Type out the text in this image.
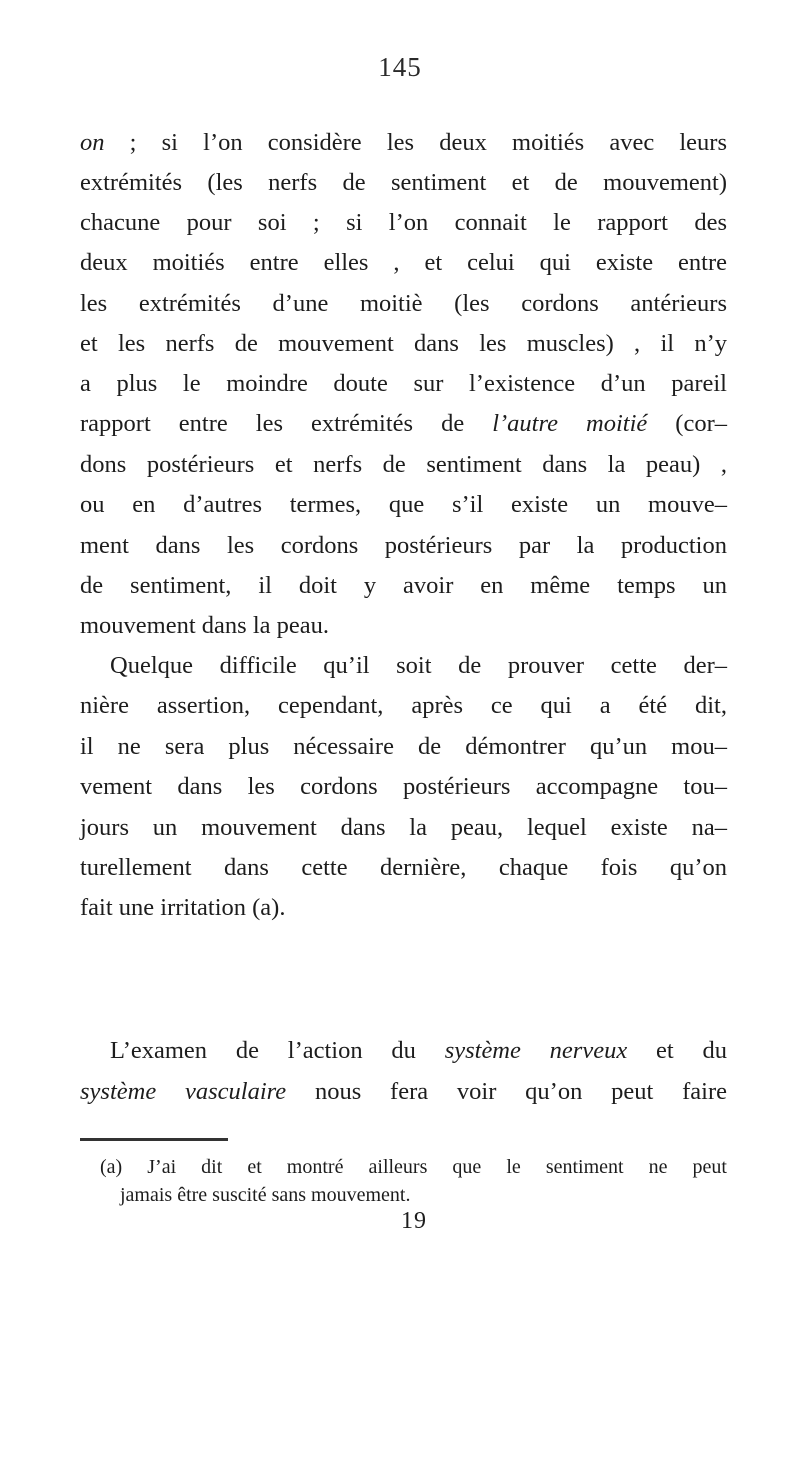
145
on ; si l’on considère les deux moitiés avec leurs
extrémités (les nerfs de sentiment et de mouvement)
chacune pour soi ; si l’on connait le rapport des
deux moitiés entre elles , et celui qui existe entre
les extrémités d’une moitiè (les cordons antérieurs
et les nerfs de mouvement dans les muscles) , il n’y
a plus le moindre doute sur l’existence d’un pareil
rapport entre les extrémités de l’autre moitié (cor–
dons postérieurs et nerfs de sentiment dans la peau) ,
ou en d’autres termes, que s’il existe un mouve–
ment dans les cordons postérieurs par la production
de sentiment, il doit y avoir en même temps un
mouvement dans la peau.
Quelque difficile qu’il soit de prouver cette der–
nière assertion, cependant, après ce qui a été dit,
il ne sera plus nécessaire de démontrer qu’un mou–
vement dans les cordons postérieurs accompagne tou–
jours un mouvement dans la peau, lequel existe na–
turellement dans cette dernière, chaque fois qu’on
fait une irritation (a).
L’examen de l’action du système nerveux et du
système vasculaire nous fera voir qu’on peut faire
(a) J’ai dit et montré ailleurs que le sentiment ne peut
jamais être suscité sans mouvement.
19
